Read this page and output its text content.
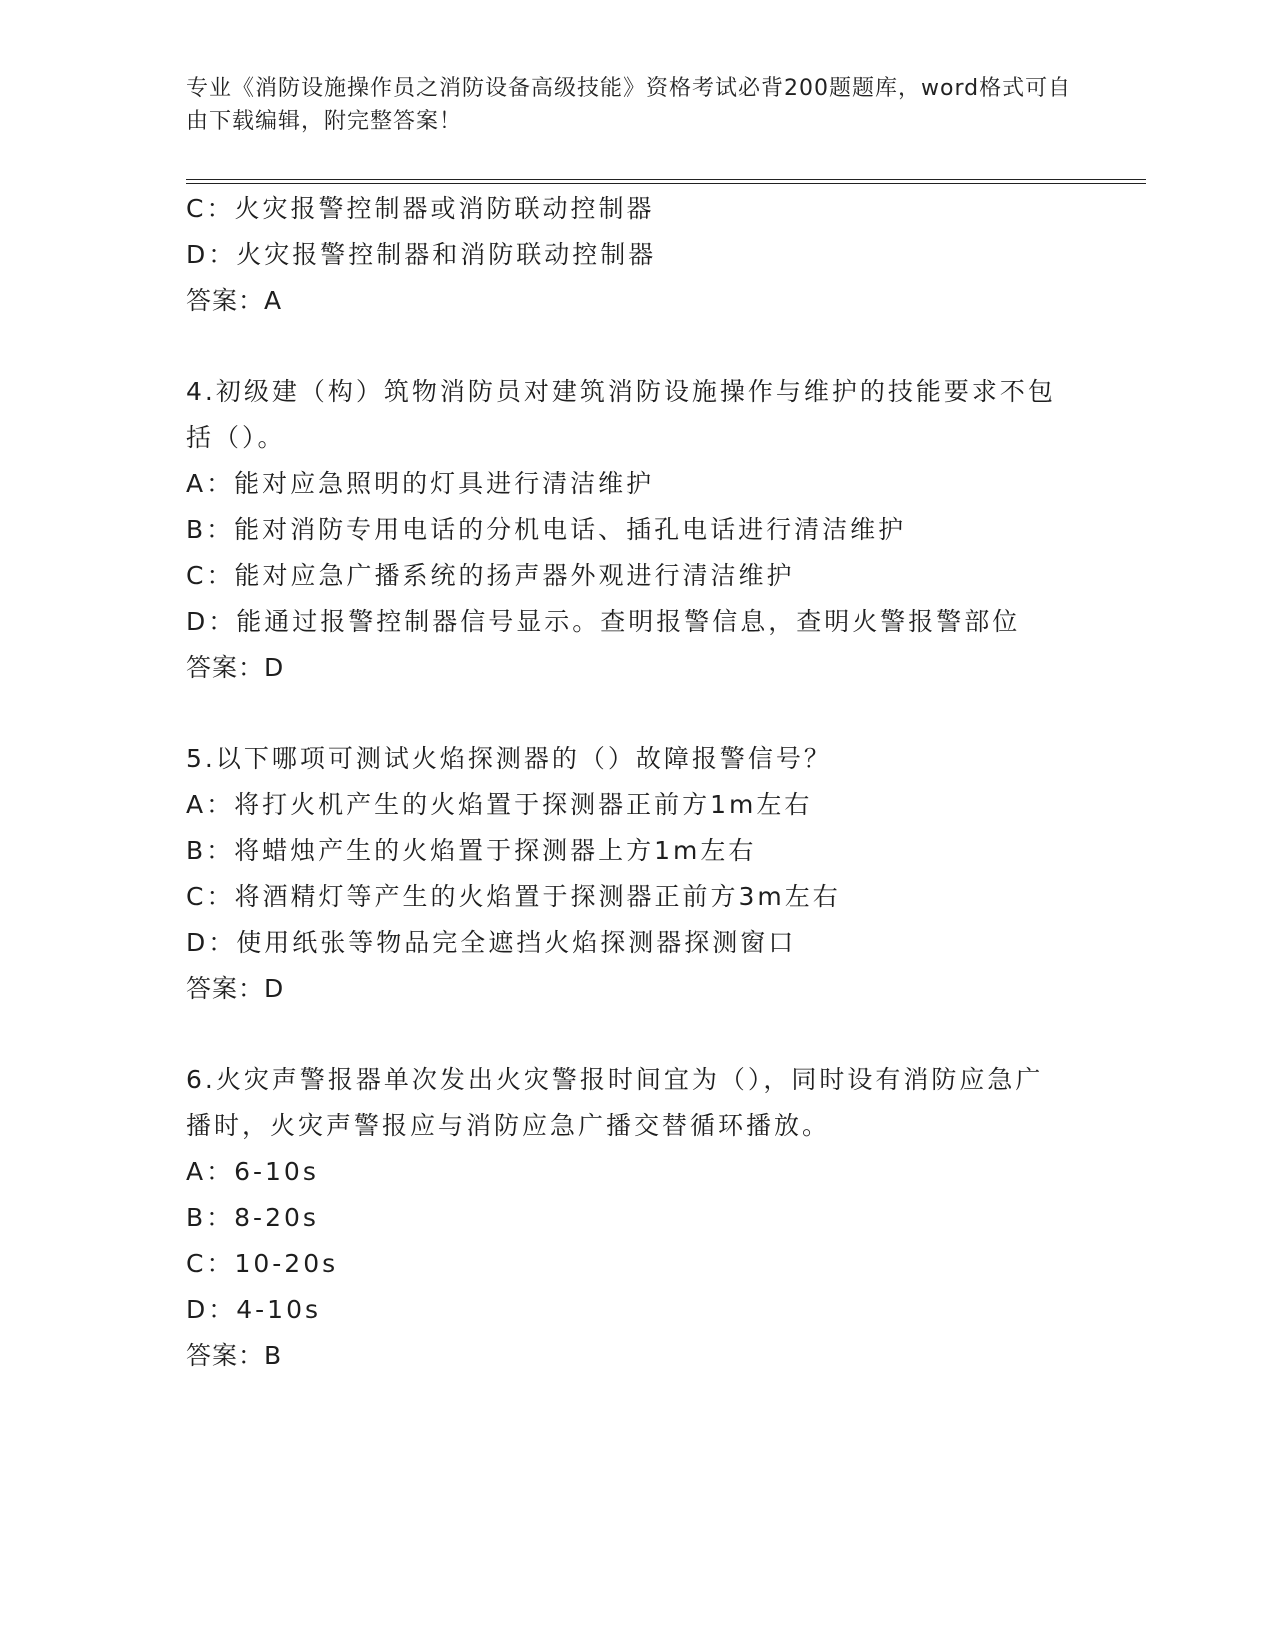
专业《消防设施操作员之消防设备高级技能》资格考试必背200题题库，word格式可自由下载编辑，附完整答案！
C：火灾报警控制器或消防联动控制器
D：火灾报警控制器和消防联动控制器
答案：A
4.初级建（构）筑物消防员对建筑消防设施操作与维护的技能要求不包括（）。
A：能对应急照明的灯具进行清洁维护
B：能对消防专用电话的分机电话、插孔电话进行清洁维护
C：能对应急广播系统的扬声器外观进行清洁维护
D：能通过报警控制器信号显示。查明报警信息，查明火警报警部位
答案：D
5.以下哪项可测试火焰探测器的（）故障报警信号？
A：将打火机产生的火焰置于探测器正前方1m左右
B：将蜡烛产生的火焰置于探测器上方1m左右
C：将酒精灯等产生的火焰置于探测器正前方3m左右
D：使用纸张等物品完全遮挡火焰探测器探测窗口
答案：D
6.火灾声警报器单次发出火灾警报时间宜为（），同时设有消防应急广播时，火灾声警报应与消防应急广播交替循环播放。
A：6-10s
B：8-20s
C：10-20s
D：4-10s
答案：B
